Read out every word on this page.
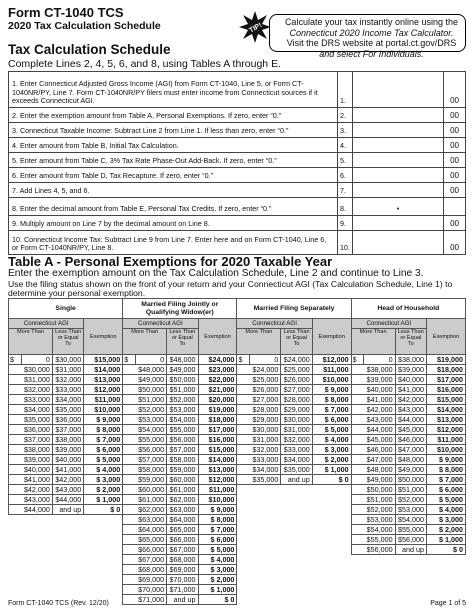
Form CT-1040 TCS
2020 Tax Calculation Schedule	TIP!	Calculate your tax instantly online using the
Connecticut 2020 Income Tax Calculator.
Visit the DRS website at portal.ct.gov/DRS
and select For Individuals.
Tax Calculation Schedule
Complete Lines 2, 4, 5, 6, and 8, using Tables A through E.
1. Enter Connecticut Adjusted Gross Income (AGI) from Form CT-1040, Line 5, or Form CT-1040NR/PY, Line 7. Form CT-1040NR/PY filers must enter income from Connecticut sources if it exceeds Connecticut AGI.	1.		00
2. Enter the exemption amount from Table A, Personal Exemptions. If zero, enter “0.”	2.		00
3. Connecticut Taxable Income: Subtract Line 2 from Line 1. If less than zero, enter “0.”	3.		00
4. Enter amount from Table B, Initial Tax Calculation.	4.		00
5. Enter amount from Table C, 3% Tax Rate Phase-Out Add-Back. If zero, enter “0.”	5.		00
6. Enter amount from Table D, Tax Recapture. If zero, enter “0.”	6.		00
7. Add Lines 4, 5, and 6.	7.		00
8. Enter the decimal amount from Table E, Personal Tax Credits. If zero, enter “0.”	8.	•	
9. Multiply amount on Line 7 by the decimal amount on Line 8.	9.		00
10. Connecticut Income Tax: Subtract Line 9 from Line 7. Enter here and on Form CT-1040, Line 6, or Form CT-1040NR/PY, Line 8.	10.		00
Table A - Personal Exemptions for 2020 Taxable Year
Enter the exemption amount on the Tax Calculation Schedule, Line 2 and continue to Line 3.
Use the filing status shown on the front of your return and your Connecticut AGI (Tax Calculation Schedule, Line 1) to determine your personal exemption.
Single				Married Filing Jointly or Qualifying Widow(er)				Married Filing Separately				Head of Household			
Connecticut AGI			Exemption	Connecticut AGI			Exemption	Connecticut AGI			Exemption	Connecticut AGI			Exemption
More Than		Less Than or Equal To		More Than		Less Than or Equal To		More Than		Less Than or Equal To		More Than		Less Than or Equal To	
$	0	$30,000	$15,000	$	0	$48,000	$24,000	$	0	$24,000	$12,000	$	0	$38,000	$19,000
$30,000		$31,000	$14,000	$48,000		$49,000	$23,000	$24,000		$25,000	$11,000	$38,000		$39,000	$18,000
$31,000		$32,000	$13,000	$49,000		$50,000	$22,000	$25,000		$26,000	$10,000	$39,000		$40,000	$17,000
$32,000		$33,000	$12,000	$50,000		$51,000	$21,000	$26,000		$27,000	$ 9,000	$40,000		$41,000	$16,000
$33,000		$34,000	$11,000	$51,000		$52,000	$20,000	$27,000		$28,000	$ 8,000	$41,000		$42,000	$15,000
$34,000		$35,000	$10,000	$52,000		$53,000	$19,000	$28,000		$29,000	$ 7,000	$42,000		$43,000	$14,000
$35,000		$36,000	$ 9,000	$53,000		$54,000	$18,000	$29,000		$30,000	$ 6,000	$43,000		$44,000	$13,000
$36,000		$37,000	$ 8,000	$54,000		$55,000	$17,000	$30,000		$31,000	$ 5,000	$44,000		$45,000	$12,000
$37,000		$38,000	$ 7,000	$55,000		$56,000	$16,000	$31,000		$32,000	$ 4,000	$45,000		$46,000	$11,000
$38,000		$39,000	$ 6,000	$56,000		$57,000	$15,000	$32,000		$33,000	$ 3,000	$46,000		$47,000	$10,000
$39,000		$40,000	$ 5,000	$57,000		$58,000	$14,000	$33,000		$34,000	$ 2,000	$47,000		$48,000	$ 9,000
$40,000		$41,000	$ 4,000	$58,000		$59,000	$13,000	$34,000		$35,000	$ 1,000	$48,000		$49,000	$ 8,000
$41,000		$42,000	$ 3,000	$59,000		$60,000	$12,000	$35,000		and up	$ 0	$49,000		$50,000	$ 7,000
$42,000		$43,000	$ 2,000	$60,000		$61,000	$11,000					$50,000		$51,000	$ 6,000
$43,000		$44,000	$ 1,000	$61,000		$62,000	$10,000					$51,000		$52,000	$ 5,000
$44,000		and up	$ 0	$62,000		$63,000	$ 9,000					$52,000		$53,000	$ 4,000
				$63,000		$64,000	$ 8,000					$53,000		$54,000	$ 3,000
				$64,000		$65,000	$ 7,000					$54,000		$55,000	$ 2,000
				$65,000		$66,000	$ 6,000					$55,000		$56,000	$ 1,000
				$66,000		$67,000	$ 5,000					$56,000		and up	$ 0
				$67,000		$68,000	$ 4,000								
				$68,000		$69,000	$ 3,000								
				$69,000		$70,000	$ 2,000								
				$70,000		$71,000	$ 1,000								
				$71,000		and up	$ 0								
Form CT-1040 TCS (Rev. 12/20)	Page 1 of 5
